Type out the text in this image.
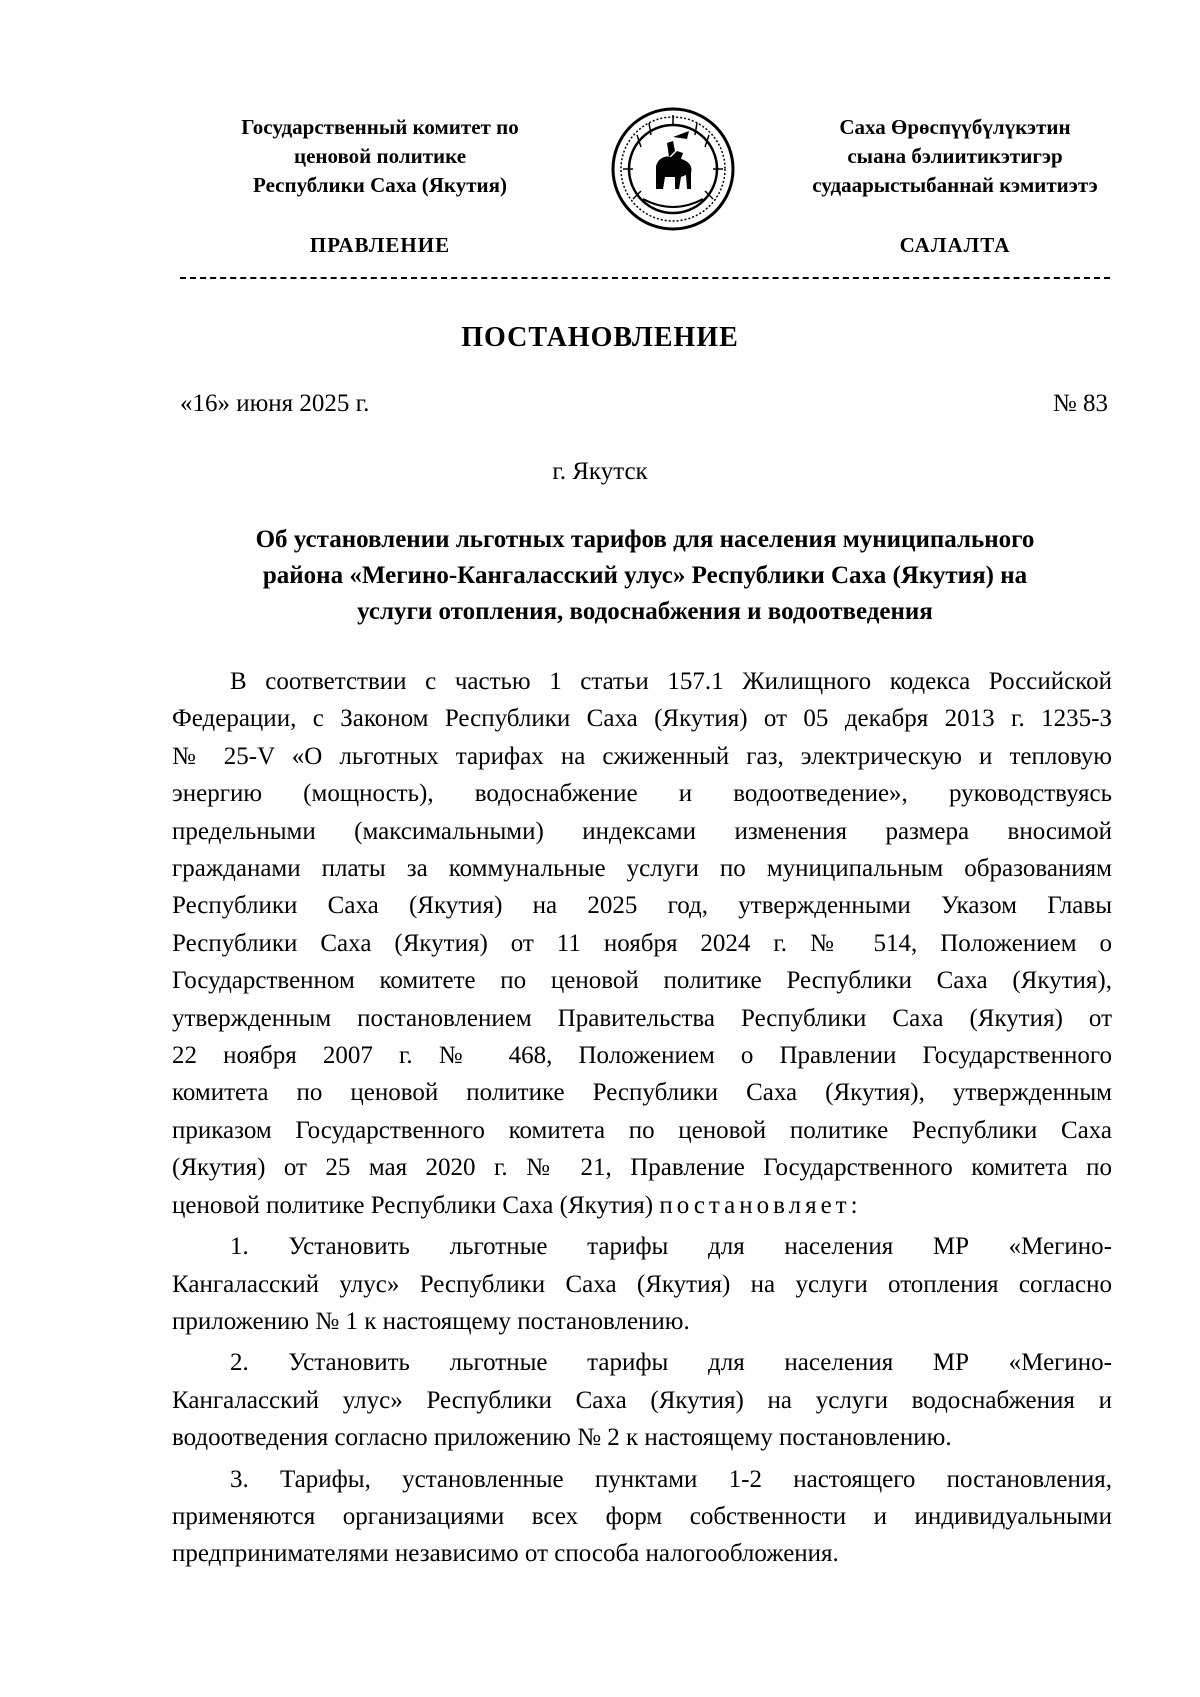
Государственный комитет по
ценовой политике
Республики Саха (Якутия)
Саха Өрөспүүбүлүкэтин
сыана бэлиитикэтигэр
судаарыстыбаннай кэмитиэтэ
ПРАВЛЕНИЕ	САЛАЛТА
ПОСТАНОВЛЕНИЕ
«16» июня 2025 г.	№ 83
г. Якутск
Об установлении льготных тарифов для населения муниципального
района «Мегино-Кангаласский улус» Республики Саха (Якутия) на
услуги отопления, водоснабжения и водоотведения
В соответствии с частью 1 статьи 157.1 Жилищного кодекса Российской
Федерации, с Законом Республики Саха (Якутия) от 05 декабря 2013 г. 1235-З
№ 25-V «О льготных тарифах на сжиженный газ, электрическую и тепловую
энергию (мощность), водоснабжение и водоотведение», руководствуясь
предельными (максимальными) индексами изменения размера вносимой
гражданами платы за коммунальные услуги по муниципальным образованиям
Республики Саха (Якутия) на 2025 год, утвержденными Указом Главы
Республики Саха (Якутия) от 11 ноября 2024 г. № 514, Положением о
Государственном комитете по ценовой политике Республики Саха (Якутия),
утвержденным постановлением Правительства Республики Саха (Якутия) от
22 ноября 2007 г. № 468, Положением о Правлении Государственного
комитета по ценовой политике Республики Саха (Якутия), утвержденным
приказом Государственного комитета по ценовой политике Республики Саха
(Якутия) от 25 мая 2020 г. № 21, Правление Государственного комитета по
ценовой политике Республики Саха (Якутия) постановляет:
1. Установить льготные тарифы для населения МР «Мегино-
Кангаласский улус» Республики Саха (Якутия) на услуги отопления согласно
приложению № 1 к настоящему постановлению.
2. Установить льготные тарифы для населения МР «Мегино-
Кангаласский улус» Республики Саха (Якутия) на услуги водоснабжения и
водоотведения согласно приложению № 2 к настоящему постановлению.
3. Тарифы, установленные пунктами 1-2 настоящего постановления,
применяются организациями всех форм собственности и индивидуальными
предпринимателями независимо от способа налогообложения.
